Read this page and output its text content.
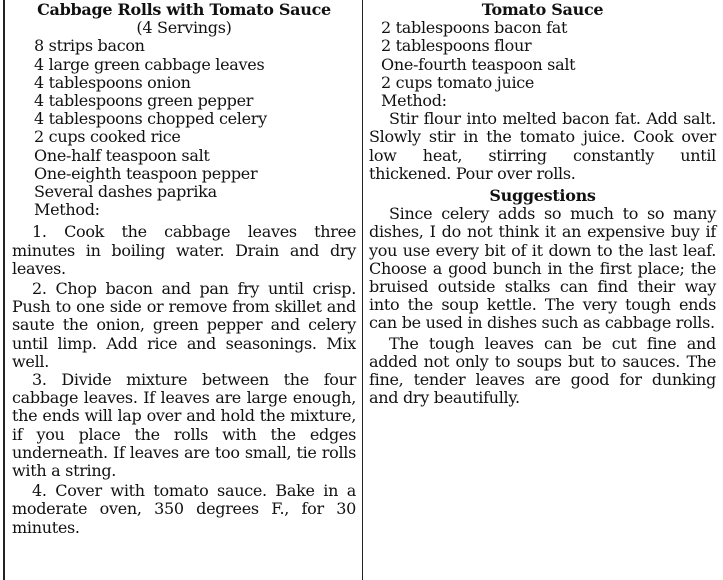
Cabbage Rolls with Tomato Sauce
(4 Servings)
8 strips bacon
4 large green cabbage leaves
4 tablespoons onion
4 tablespoons green pepper
4 tablespoons chopped celery
2 cups cooked rice
One-half teaspoon salt
One-eighth teaspoon pepper
Several dashes paprika
Method:

1. Cook the cabbage leaves three minutes in boiling water. Drain and dry leaves.

2. Chop bacon and pan fry until crisp. Push to one side or remove from skillet and saute the onion, green pepper and celery until limp. Add rice and seasonings. Mix well.

3. Divide mixture between the four cabbage leaves. If leaves are large enough, the ends will lap over and hold the mixture, if you place the rolls with the edges underneath. If leaves are too small, tie rolls with a string.

4. Cover with tomato sauce. Bake in a moderate oven, 350 degrees F., for 30 minutes.

Tomato Sauce
2 tablespoons bacon fat
2 tablespoons flour
One-fourth teaspoon salt
2 cups tomato juice
Method:

Stir flour into melted bacon fat. Add salt. Slowly stir in the tomato juice. Cook over low heat, stirring constantly until thickened. Pour over rolls.

Suggestions

Since celery adds so much to so many dishes, I do not think it an expensive buy if you use every bit of it down to the last leaf. Choose a good bunch in the first place; the bruised outside stalks can find their way into the soup kettle. The very tough ends can be used in dishes such as cabbage rolls.

The tough leaves can be cut fine and added not only to soups but to sauces. The fine, tender leaves are good for dunking and dry beautifully.
